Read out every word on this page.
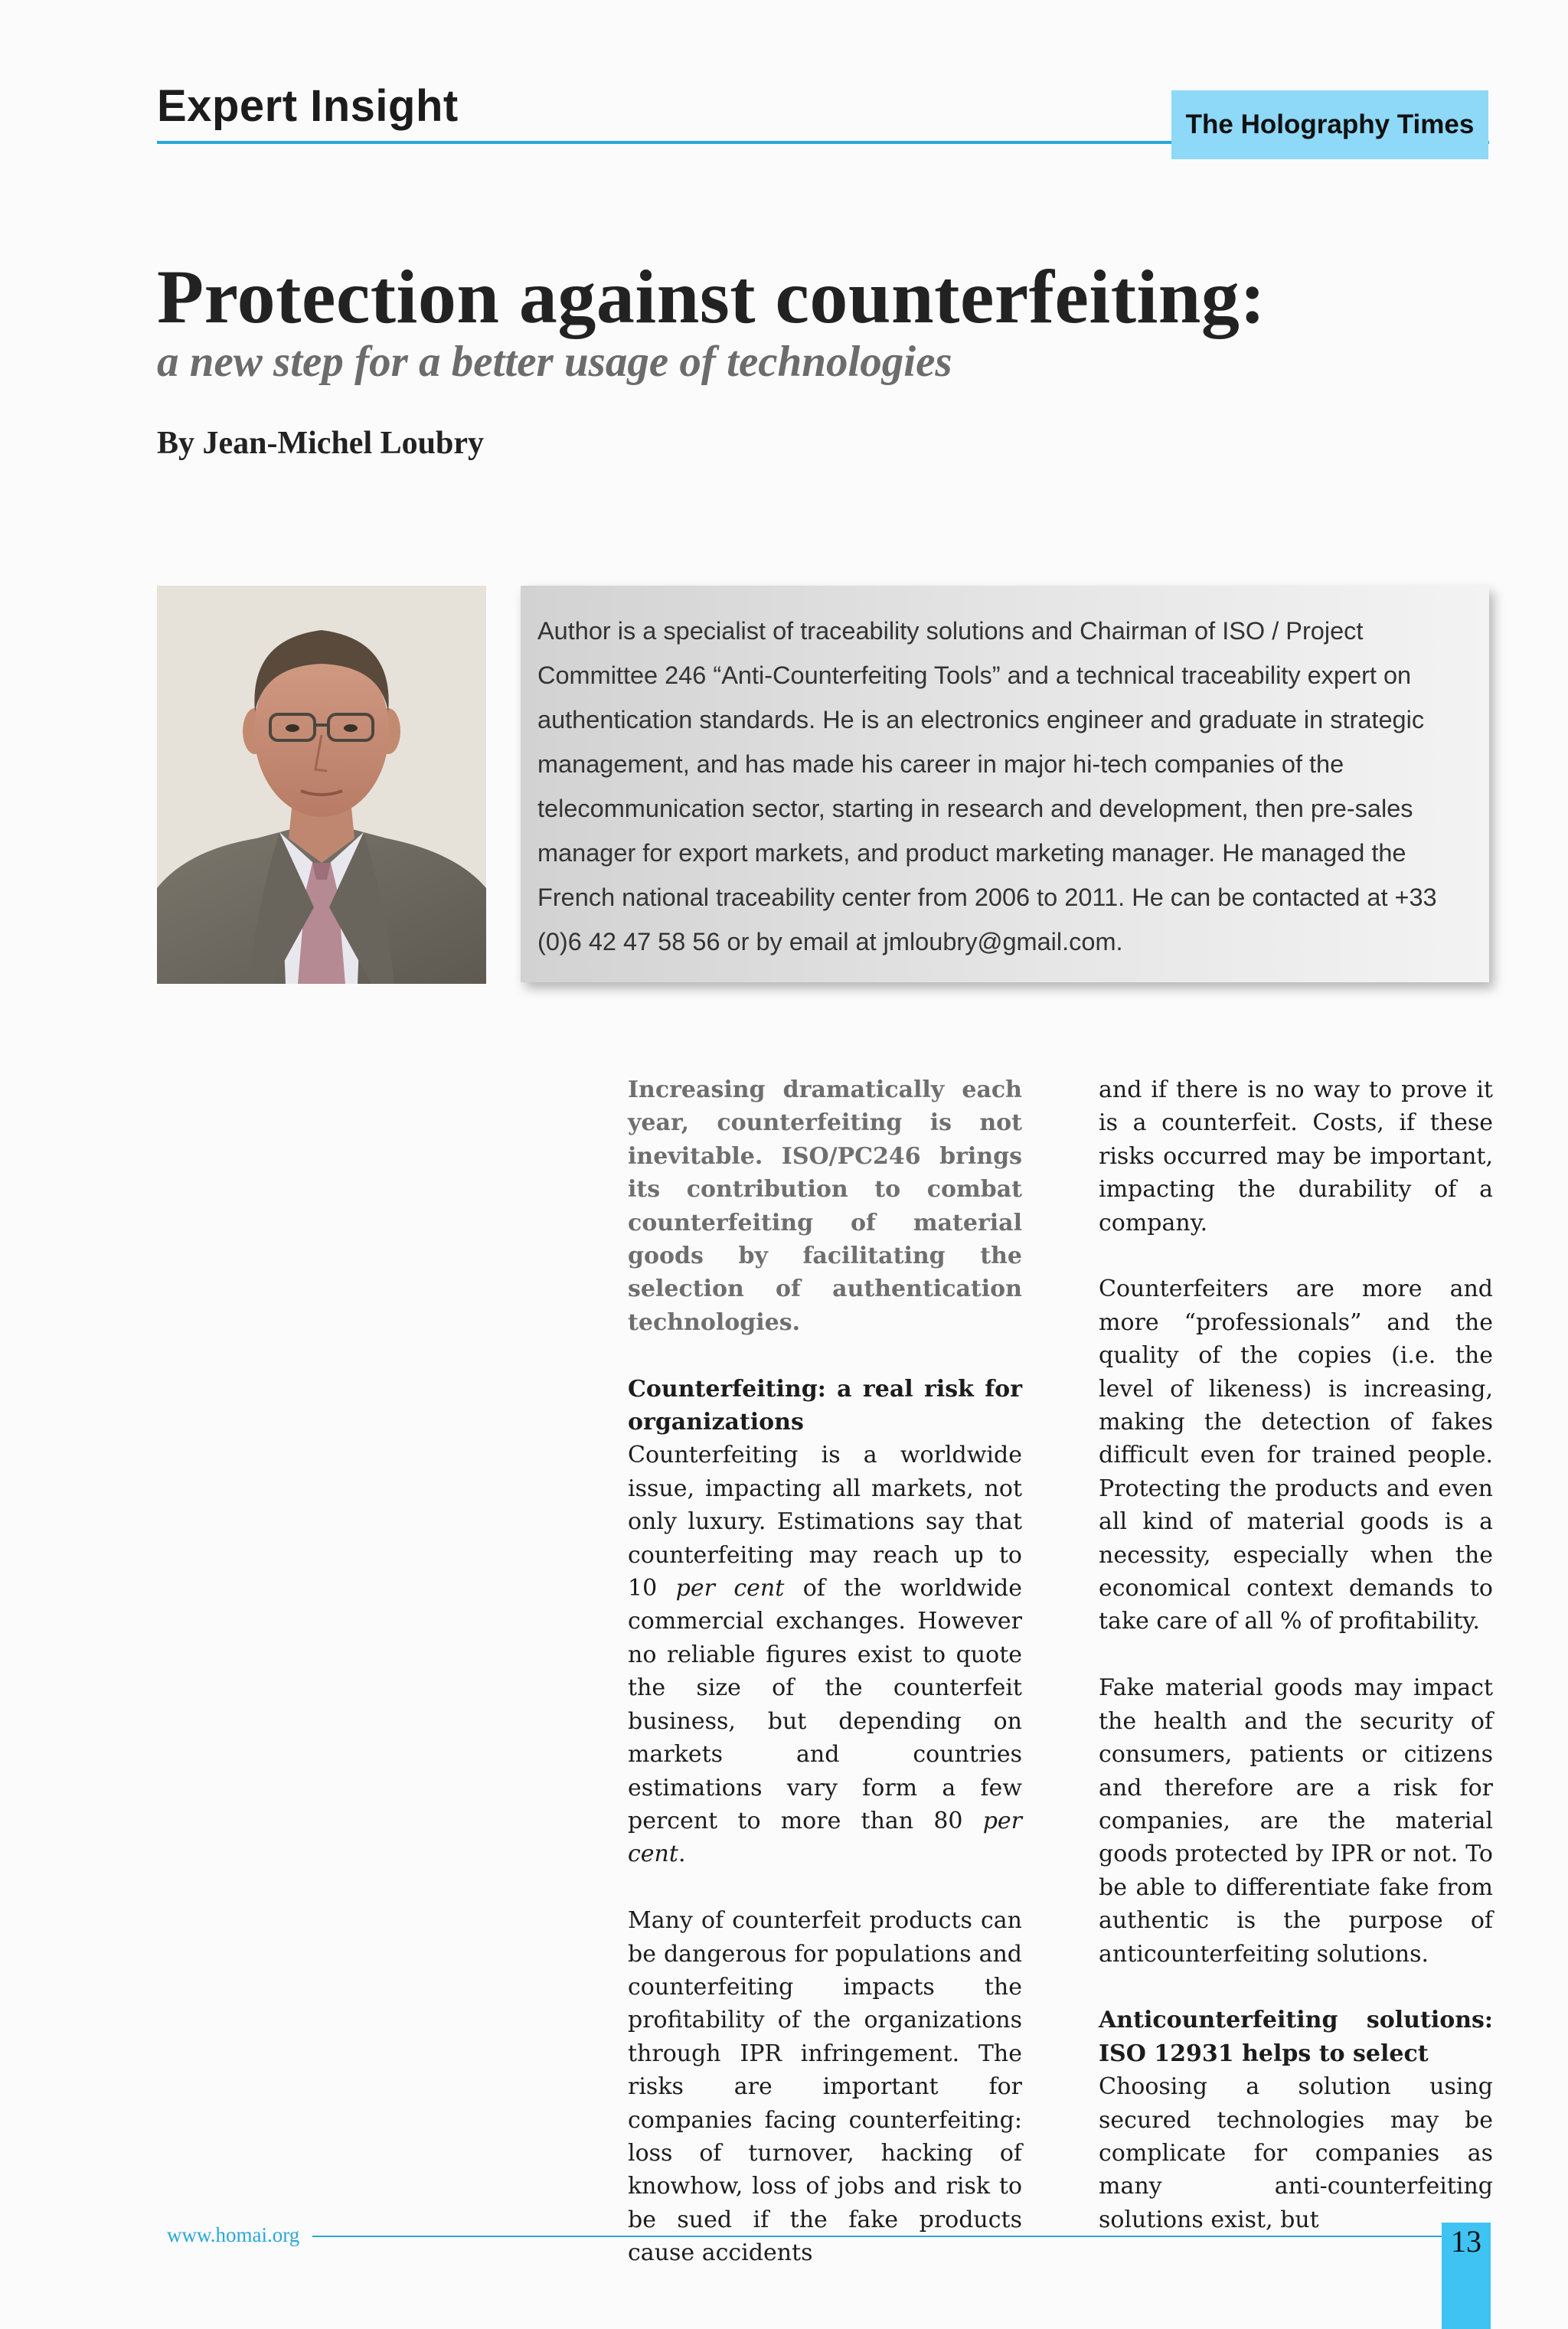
Expert Insight	The Holography Times
Protection against counterfeiting:
a new step for a better usage of technologies
By Jean-Michel Loubry

Author is a specialist of traceability solutions and Chairman of ISO / Project Committee 246 “Anti-Counterfeiting Tools” and a technical traceability expert on authentication standards. He is an electronics engineer and graduate in strategic management, and has made his career in major hi-tech companies of the telecommunication sector, starting in research and development, then pre-sales manager for export markets, and product marketing manager. He managed the French national traceability center from 2006 to 2011. He can be contacted at +33 (0)6 42 47 58 56 or by email at jmloubry@gmail.com.

Increasing dramatically each year, counterfeiting is not inevitable. ISO/PC246 brings its contribution to combat counterfeiting of material goods by facilitating the selection of authentication technologies.

Counterfeiting: a real risk for organizations

Counterfeiting is a worldwide issue, impacting all markets, not only luxury. Estimations say that counterfeiting may reach up to 10 per cent of the worldwide commercial exchanges. However no reliable figures exist to quote the size of the counterfeit business, but depending on markets and countries estimations vary form a few percent to more than 80 per cent.

Many of counterfeit products can be dangerous for populations and counterfeiting impacts the profitability of the organizations through IPR infringement. The risks are important for companies facing counterfeiting: loss of turnover, hacking of knowhow, loss of jobs and risk to be sued if the fake products cause accidents

and if there is no way to prove it is a counterfeit. Costs, if these risks occurred may be important, impacting the durability of a company.

Counterfeiters are more and more “professionals” and the quality of the copies (i.e. the level of likeness) is increasing, making the detection of fakes difficult even for trained people. Protecting the products and even all kind of material goods is a necessity, especially when the economical context demands to take care of all % of profitability.

Fake material goods may impact the health and the security of consumers, patients or citizens and therefore are a risk for companies, are the material goods protected by IPR or not. To be able to differentiate fake from authentic is the purpose of anticounterfeiting solutions.

Anticounterfeiting solutions: ISO 12931 helps to select

Choosing a solution using secured technologies may be complicate for companies as many anti-counterfeiting solutions exist, but

www.homai.org	13
